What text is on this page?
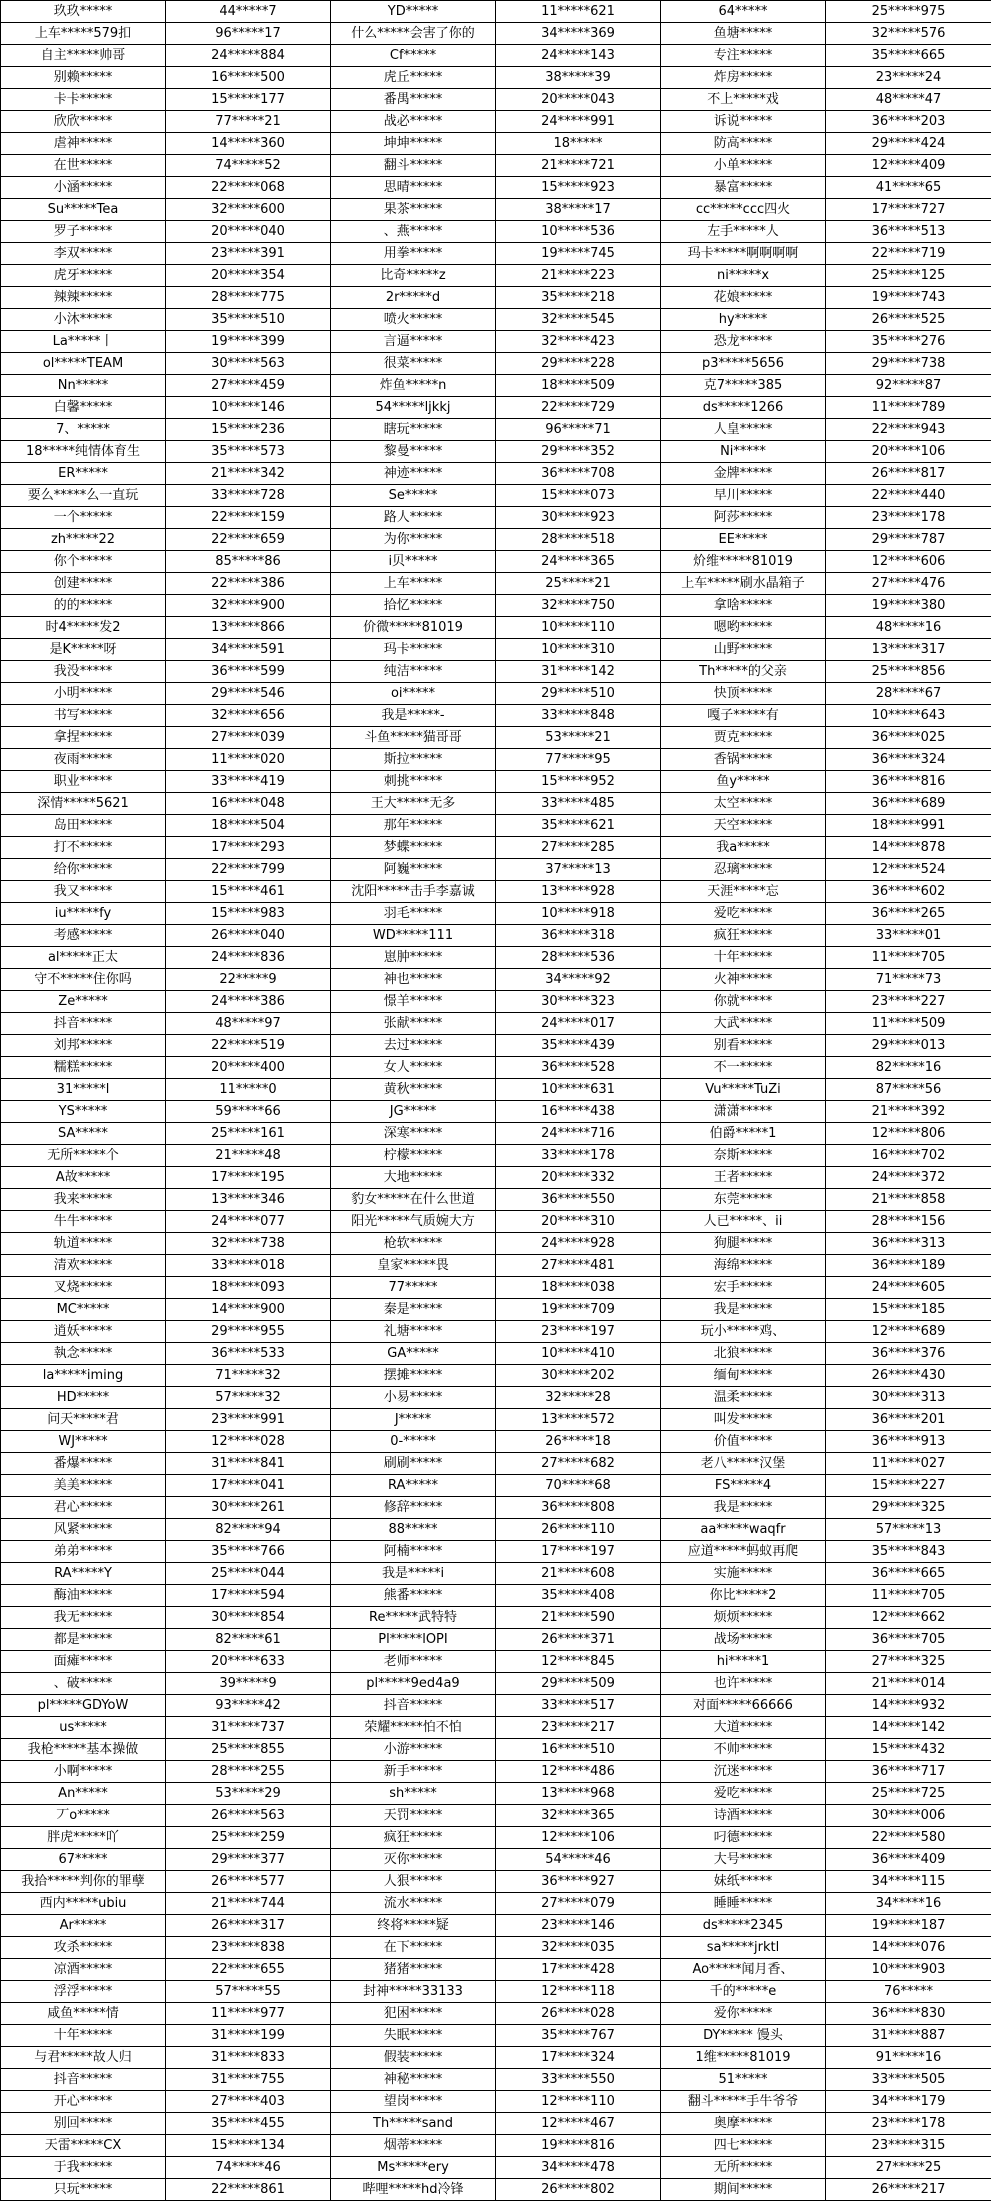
玖玖*****	44*****7	YD*****	11*****621	64*****	25*****975
上车*****579扣	96*****17	什么*****会害了你的	34*****369	鱼塘*****	32*****576
自主*****帅哥	24*****884	Cf*****	24*****143	专注*****	35*****665
别赖*****	16*****500	虎丘*****	38*****39	炸房*****	23*****24
卡卡*****	15*****177	番禺*****	20*****043	不上*****戏	48*****47
欣欣*****	77*****21	战必*****	24*****991	诉说*****	36*****203
虐神*****	14*****360	坤坤*****	18*****	防高*****	29*****424
在世*****	74*****52	翻斗*****	21*****721	小单*****	12*****409
小涵*****	22*****068	思晴*****	15*****923	暴富*****	41*****65
Su*****Tea	32*****600	果茶*****	38*****17	cc*****ccc四火	17*****727
罗子*****	20*****040	、燕*****	10*****536	左手*****人	36*****513
李双*****	23*****391	用拳*****	19*****745	玛卡*****啊啊啊啊	22*****719
虎牙*****	20*****354	比奇*****z	21*****223	ni*****x	25*****125
辣辣*****	28*****775	2r*****d	35*****218	花娘*****	19*****743
小沐*****	35*****510	喷火*****	32*****545	hy*****	26*****525
La*****丨	19*****399	言逼*****	32*****423	恐龙*****	35*****276
ol*****TEAM	30*****563	很菜*****	29*****228	p3*****5656	29*****738
Nn*****	27*****459	炸鱼*****n	18*****509	克7*****385	92*****87
白馨*****	10*****146	54*****ljkkj	22*****729	ds*****1266	11*****789
7、*****	15*****236	瞎玩*****	96*****71	人皇*****	22*****943
18*****纯情体育生	35*****573	黎曼*****	29*****352	Ni*****	20*****106
ER*****	21*****342	神迹*****	36*****708	金牌*****	26*****817
要么*****么一直玩	33*****728	Se*****	15*****073	早川*****	22*****440
一个*****	22*****159	路人*****	30*****923	阿莎*****	23*****178
zh*****22	22*****659	为你*****	28*****518	EE*****	29*****787
你个*****	85*****86	i贝*****	24*****365	炌维*****81019	12*****606
创建*****	22*****386	上车*****	25*****21	上车*****刷水晶箱子	27*****476
的的*****	32*****900	拾忆*****	32*****750	拿啥*****	19*****380
时4*****发2	13*****866	价微*****81019	10*****110	嗯哟*****	48*****16
是K*****呀	34*****591	玛卡*****	10*****310	山野*****	13*****317
我没*****	36*****599	纯洁*****	31*****142	Th*****的父亲	25*****856
小明*****	29*****546	oi*****	29*****510	快顶*****	28*****67
书写*****	32*****656	我是*****-	33*****848	嘎子*****有	10*****643
拿捏*****	27*****039	斗鱼*****猫哥哥	53*****21	贾克*****	36*****025
夜雨*****	11*****020	斯拉*****	77*****95	香锅*****	36*****324
职业*****	33*****419	刺挑*****	15*****952	鱼y*****	36*****816
深情*****5621	16*****048	王大*****无多	33*****485	太空*****	36*****689
岛田*****	18*****504	那年*****	35*****621	天空*****	18*****991
打不*****	17*****293	梦蝶*****	27*****285	我a*****	14*****878
给你*****	22*****799	阿巍*****	37*****13	忍璃*****	12*****524
我又*****	15*****461	沈阳*****击手李嘉诚	13*****928	天涯*****忘	36*****602
iu*****fy	15*****983	羽毛*****	10*****918	爱吃*****	36*****265
考感*****	26*****040	WD*****111	36*****318	疯狂*****	33*****01
al*****正太	24*****836	崽肿*****	28*****536	十年*****	11*****705
守不*****住你吗	22*****9	神也*****	34*****92	火神*****	71*****73
Ze*****	24*****386	憬羊*****	30*****323	你就*****	23*****227
抖音*****	48*****97	张献*****	24*****017	大武*****	11*****509
刘邦*****	22*****519	去过*****	35*****439	别看*****	29*****013
糯糕*****	20*****400	女人*****	36*****528	不一*****	82*****16
31*****l	11*****0	黄秋*****	10*****631	Vu*****TuZi	87*****56
YS*****	59*****66	JG*****	16*****438	潇潇*****	21*****392
SA*****	25*****161	深寒*****	24*****716	伯爵*****1	12*****806
无所*****个	21*****48	柠檬*****	33*****178	奈斯*****	16*****702
A故*****	17*****195	大地*****	20*****332	王者*****	24*****372
我来*****	13*****346	豹女*****在什么世道	36*****550	东莞*****	21*****858
牛牛*****	24*****077	阳光*****气质婉大方	20*****310	人已*****、ii	28*****156
轨道*****	32*****738	枪软*****	24*****928	狗腿*****	36*****313
清欢*****	33*****018	皇家*****畏	27*****481	海绵*****	36*****189
叉烧*****	18*****093	77*****	18*****038	宏手*****	24*****605
MC*****	14*****900	秦是*****	19*****709	我是*****	15*****185
逍妖*****	29*****955	礼塘*****	23*****197	玩小*****鸡、	12*****689
執念*****	36*****533	GA*****	10*****410	北狼*****	36*****376
la*****iming	71*****32	摆摊*****	30*****202	缅甸*****	26*****430
HD*****	57*****32	小易*****	32*****28	温柔*****	30*****313
问天*****君	23*****991	J*****	13*****572	叫发*****	36*****201
WJ*****	12*****028	0-*****	26*****18	价值*****	36*****913
番爆*****	31*****841	刷刷*****	27*****682	老八*****汉堡	11*****027
美美*****	17*****041	RA*****	70*****68	FS*****4	15*****227
君心*****	30*****261	修辞*****	36*****808	我是*****	29*****325
风紧*****	82*****94	88*****	26*****110	aa*****waqfr	57*****13
弟弟*****	35*****766	阿楠*****	17*****197	应道*****蚂蚁再爬	35*****843
RA*****Y	25*****044	我是*****i	21*****608	实施*****	36*****665
酶油*****	17*****594	熊番*****	35*****408	你比*****2	11*****705
我无*****	30*****854	Re*****武特特	21*****590	烦烦*****	12*****662
都是*****	82*****61	Pl*****lOPI	26*****371	战场*****	36*****705
面瘫*****	20*****633	老师*****	12*****845	hi*****1	27*****325
、破*****	39*****9	pl*****9ed4a9	29*****509	也许*****	21*****014
pl*****GDYoW	93*****42	抖音*****	33*****517	对面*****66666	14*****932
us*****	31*****737	荣耀*****怕不怕	23*****217	大道*****	14*****142
我枪*****基本操做	25*****855	小游*****	16*****510	不帅*****	15*****432
小啊*****	28*****255	新手*****	12*****486	沉迷*****	36*****717
An*****	53*****29	sh*****	13*****968	爱吃*****	25*****725
丆o*****	26*****563	天罚*****	32*****365	诗酒*****	30*****006
胖虎*****吖	25*****259	疯狂*****	12*****106	叼德*****	22*****580
67*****	29*****377	灭你*****	54*****46	大号*****	36*****409
我拾*****判你的罪孽	26*****577	人狠*****	36*****927	妹纸*****	34*****115
西内*****ubiu	21*****744	流水*****	27*****079	睡睡*****	34*****16
Ar*****	26*****317	终将*****疑	23*****146	ds*****2345	19*****187
攻杀*****	23*****838	在下*****	32*****035	sa*****jrktl	14*****076
凉酒*****	22*****655	猪猪*****	17*****428	Ao*****闻月香、	10*****903
浮浮*****	57*****55	封神*****33133	12*****118	千的*****e	76*****
咸鱼*****情	11*****977	犯困*****	26*****028	爱你*****	36*****830
十年*****	31*****199	失眠*****	35*****767	DY***** 馒头	31*****887
与君*****故人归	31*****833	假装*****	17*****324	1维*****81019	91*****16
抖音*****	31*****755	神秘*****	33*****550	51*****	33*****505
开心*****	27*****403	望岗*****	12*****110	翻斗*****手牛爷爷	34*****179
别回*****	35*****455	Th*****sand	12*****467	奥摩*****	23*****178
天雷*****CX	15*****134	烟蒂*****	19*****816	四七*****	23*****315
于我*****	74*****46	Ms*****ery	34*****478	无所*****	27*****25
只玩*****	22*****861	哔哩*****hd冷锋	26*****802	期间*****	26*****217
